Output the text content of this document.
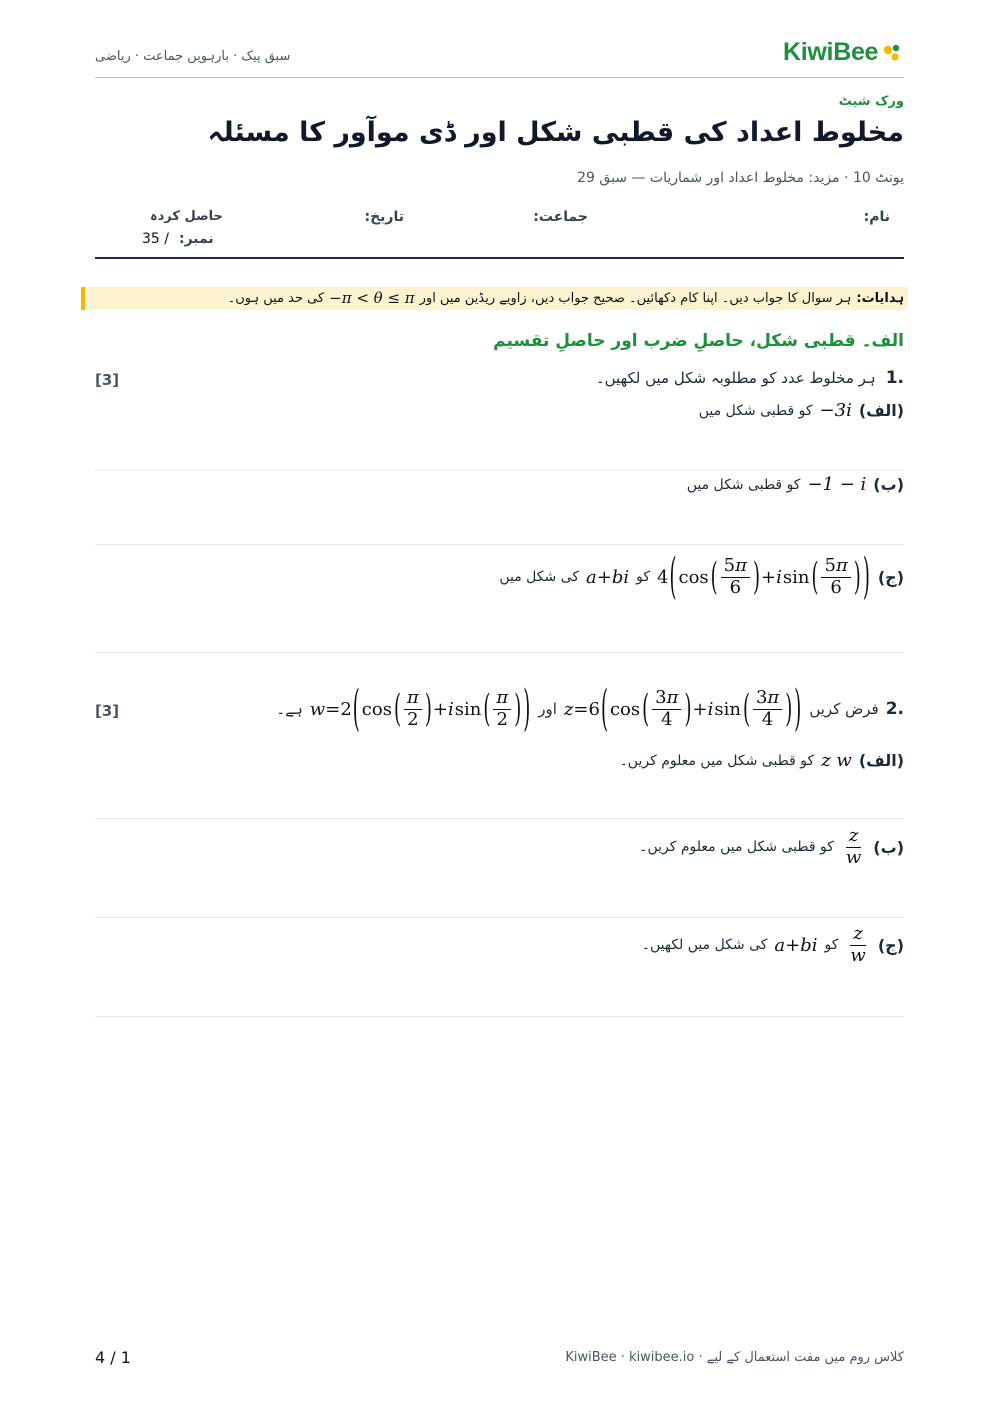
KiwiBee
سبق پیک · بارہویں جماعت · ریاضی
ورک شیٹ
مخلوط اعداد کی قطبی شکل اور ڈی موآور کا مسئلہ
یونٹ 10 · مزید: مخلوط اعداد اور شماریات — سبق 29
نام:
جماعت:
تاریخ:
حاصل کردہ
35 / نمبر:
ہدایات:
ہر سوال کا جواب دیں۔ اپنا کام دکھائیں۔ صحیح جواب دیں، زاویے ریڈین میں اور
−π < θ ≤ π
کی حد میں ہوں۔
الف۔ قطبی شکل، حاصلِ ضرب اور حاصلِ تقسیم
1.
ہر مخلوط عدد کو مطلوبہ شکل میں لکھیں۔
[3]
(الف)
−3i
کو قطبی شکل میں
(ب)
−1 − i
کو قطبی شکل میں
(ج)
4 ( cos ( $\frac{5\pi}{6}$ ) + i sin ( $\frac{5\pi}{6}$ ) )
کو
a+bi
کی شکل میں
2.
فرض کریں
z = 6 ( cos ( $\frac{3\pi}{4}$ ) + i sin ( $\frac{3\pi}{4}$ ) )
اور
w = 2 ( cos ( $\frac{\pi}{2}$ ) + i sin ( $\frac{\pi}{2}$ ) )
ہے۔
[3]
(الف)
z w
کو قطبی شکل میں معلوم کریں۔
(ب)
$\frac{z}{w}$
کو قطبی شکل میں معلوم کریں۔
(ج)
$\frac{z}{w}$
کو
a+bi
کی شکل میں لکھیں۔
4 / 1	کلاس روم میں مفت استعمال کے لیے · KiwiBee · kiwibee.io
